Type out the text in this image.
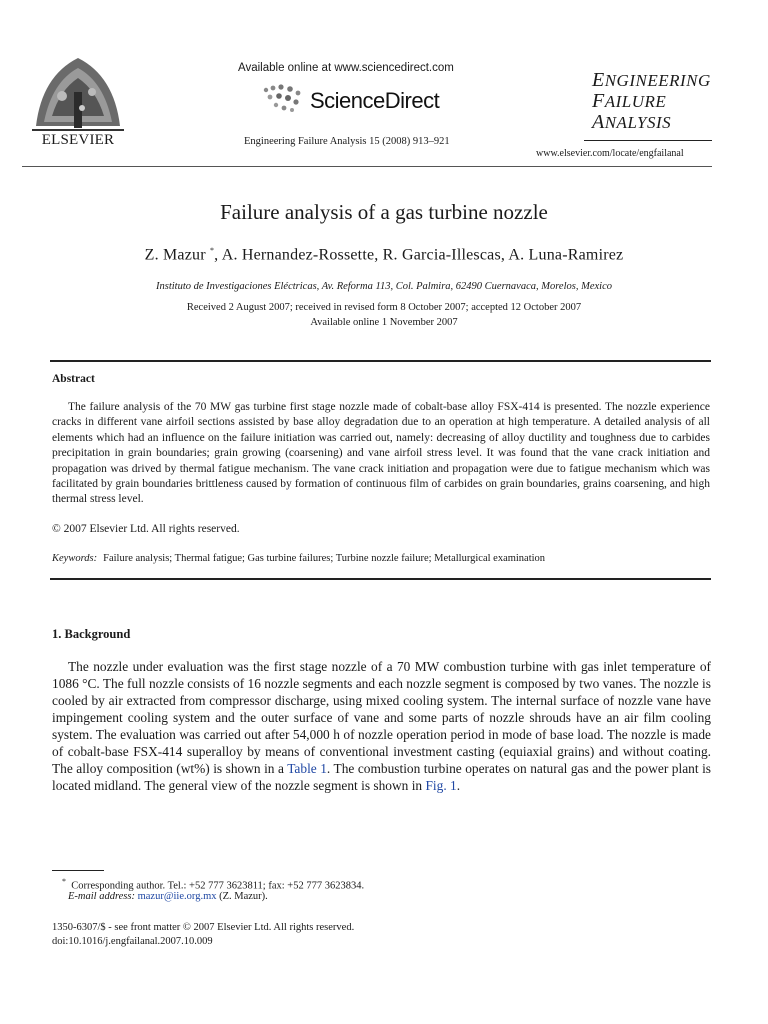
ELSEVIER
Available online at www.sciencedirect.com
ScienceDirect
Engineering Failure Analysis 15 (2008) 913–921
ENGINEERING
FAILURE
ANALYSIS
www.elsevier.com/locate/engfailanal
Failure analysis of a gas turbine nozzle
Z. Mazur *, A. Hernandez-Rossette, R. Garcia-Illescas, A. Luna-Ramirez
Instituto de Investigaciones Eléctricas, Av. Reforma 113, Col. Palmira, 62490 Cuernavaca, Morelos, Mexico
Received 2 August 2007; received in revised form 8 October 2007; accepted 12 October 2007
Available online 1 November 2007
Abstract
The failure analysis of the 70 MW gas turbine first stage nozzle made of cobalt-base alloy FSX-414 is presented. The nozzle experience cracks in different vane airfoil sections assisted by base alloy degradation due to an operation at high temperature. A detailed analysis of all elements which had an influence on the failure initiation was carried out, namely: decreasing of alloy ductility and toughness due to carbides precipitation in grain boundaries; grain growing (coarsening) and vane airfoil stress level. It was found that the vane crack initiation and propagation was drived by thermal fatigue mechanism. The vane crack initiation and propagation were due to fatigue mechanism which was facilitated by grain boundaries brittleness caused by formation of continuous film of carbides on grain boundaries, grains coarsening, and high thermal stress level.
© 2007 Elsevier Ltd. All rights reserved.
Keywords: Failure analysis; Thermal fatigue; Gas turbine failures; Turbine nozzle failure; Metallurgical examination
1. Background
The nozzle under evaluation was the first stage nozzle of a 70 MW combustion turbine with gas inlet temperature of 1086 °C. The full nozzle consists of 16 nozzle segments and each nozzle segment is composed by two vanes. The nozzle is cooled by air extracted from compressor discharge, using mixed cooling system. The internal surface of nozzle vane have impingement cooling system and the outer surface of vane and some parts of nozzle shrouds have an air film cooling system. The evaluation was carried out after 54,000 h of nozzle operation period in mode of base load. The nozzle is made of cobalt-base FSX-414 superalloy by means of conventional investment casting (equiaxial grains) and without coating. The alloy composition (wt%) is shown in a Table 1. The combustion turbine operates on natural gas and the power plant is located midland. The general view of the nozzle segment is shown in Fig. 1.
* Corresponding author. Tel.: +52 777 3623811; fax: +52 777 3623834.
E-mail address: mazur@iie.org.mx (Z. Mazur).
1350-6307/$ - see front matter © 2007 Elsevier Ltd. All rights reserved.
doi:10.1016/j.engfailanal.2007.10.009
